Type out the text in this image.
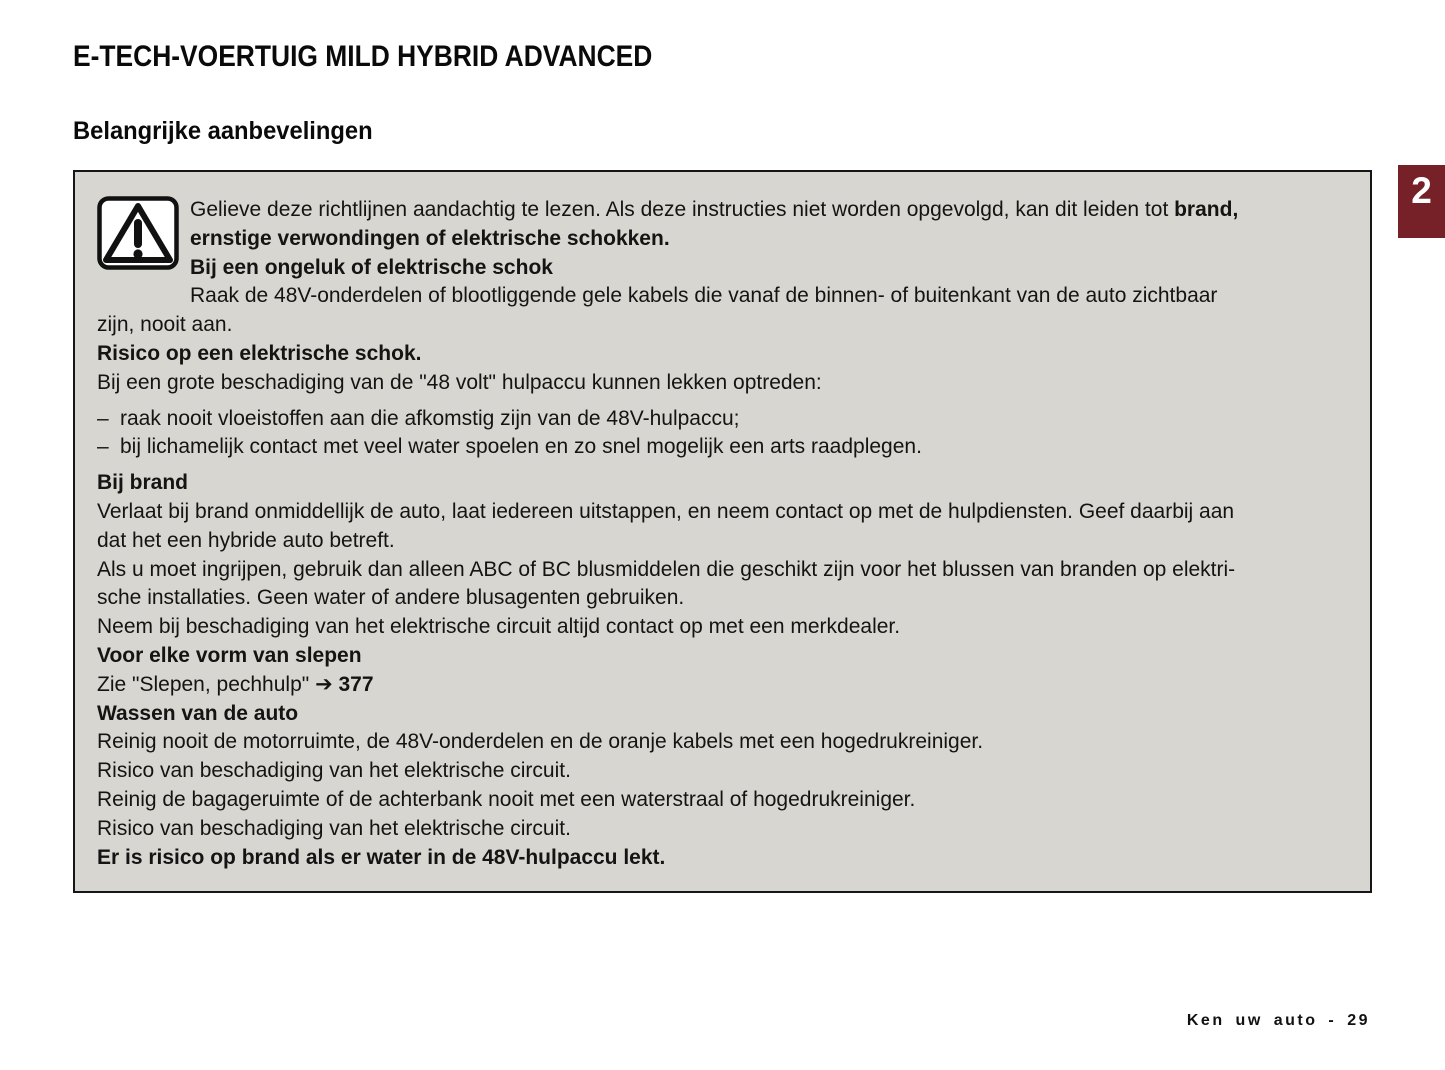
E-TECH-VOERTUIG MILD HYBRID ADVANCED
Belangrijke aanbevelingen
Gelieve deze richtlijnen aandachtig te lezen. Als deze instructies niet worden opgevolgd, kan dit leiden tot brand,
ernstige verwondingen of elektrische schokken.
Bij een ongeluk of elektrische schok
Raak de 48V-onderdelen of blootliggende gele kabels die vanaf de binnen- of buitenkant van de auto zichtbaar
zijn, nooit aan.
Risico op een elektrische schok.
Bij een grote beschadiging van de "48 volt" hulpaccu kunnen lekken optreden:
– raak nooit vloeistoffen aan die afkomstig zijn van de 48V-hulpaccu;
– bij lichamelijk contact met veel water spoelen en zo snel mogelijk een arts raadplegen.
Bij brand
Verlaat bij brand onmiddellijk de auto, laat iedereen uitstappen, en neem contact op met de hulpdiensten. Geef daarbij aan
dat het een hybride auto betreft.
Als u moet ingrijpen, gebruik dan alleen ABC of BC blusmiddelen die geschikt zijn voor het blussen van branden op elektri-
sche installaties. Geen water of andere blusagenten gebruiken.
Neem bij beschadiging van het elektrische circuit altijd contact op met een merkdealer.
Voor elke vorm van slepen
Zie "Slepen, pechhulp" ➔ 377
Wassen van de auto
Reinig nooit de motorruimte, de 48V-onderdelen en de oranje kabels met een hogedrukreiniger.
Risico van beschadiging van het elektrische circuit.
Reinig de bagageruimte of de achterbank nooit met een waterstraal of hogedrukreiniger.
Risico van beschadiging van het elektrische circuit.
Er is risico op brand als er water in de 48V-hulpaccu lekt.
2
Ken uw auto - 29
